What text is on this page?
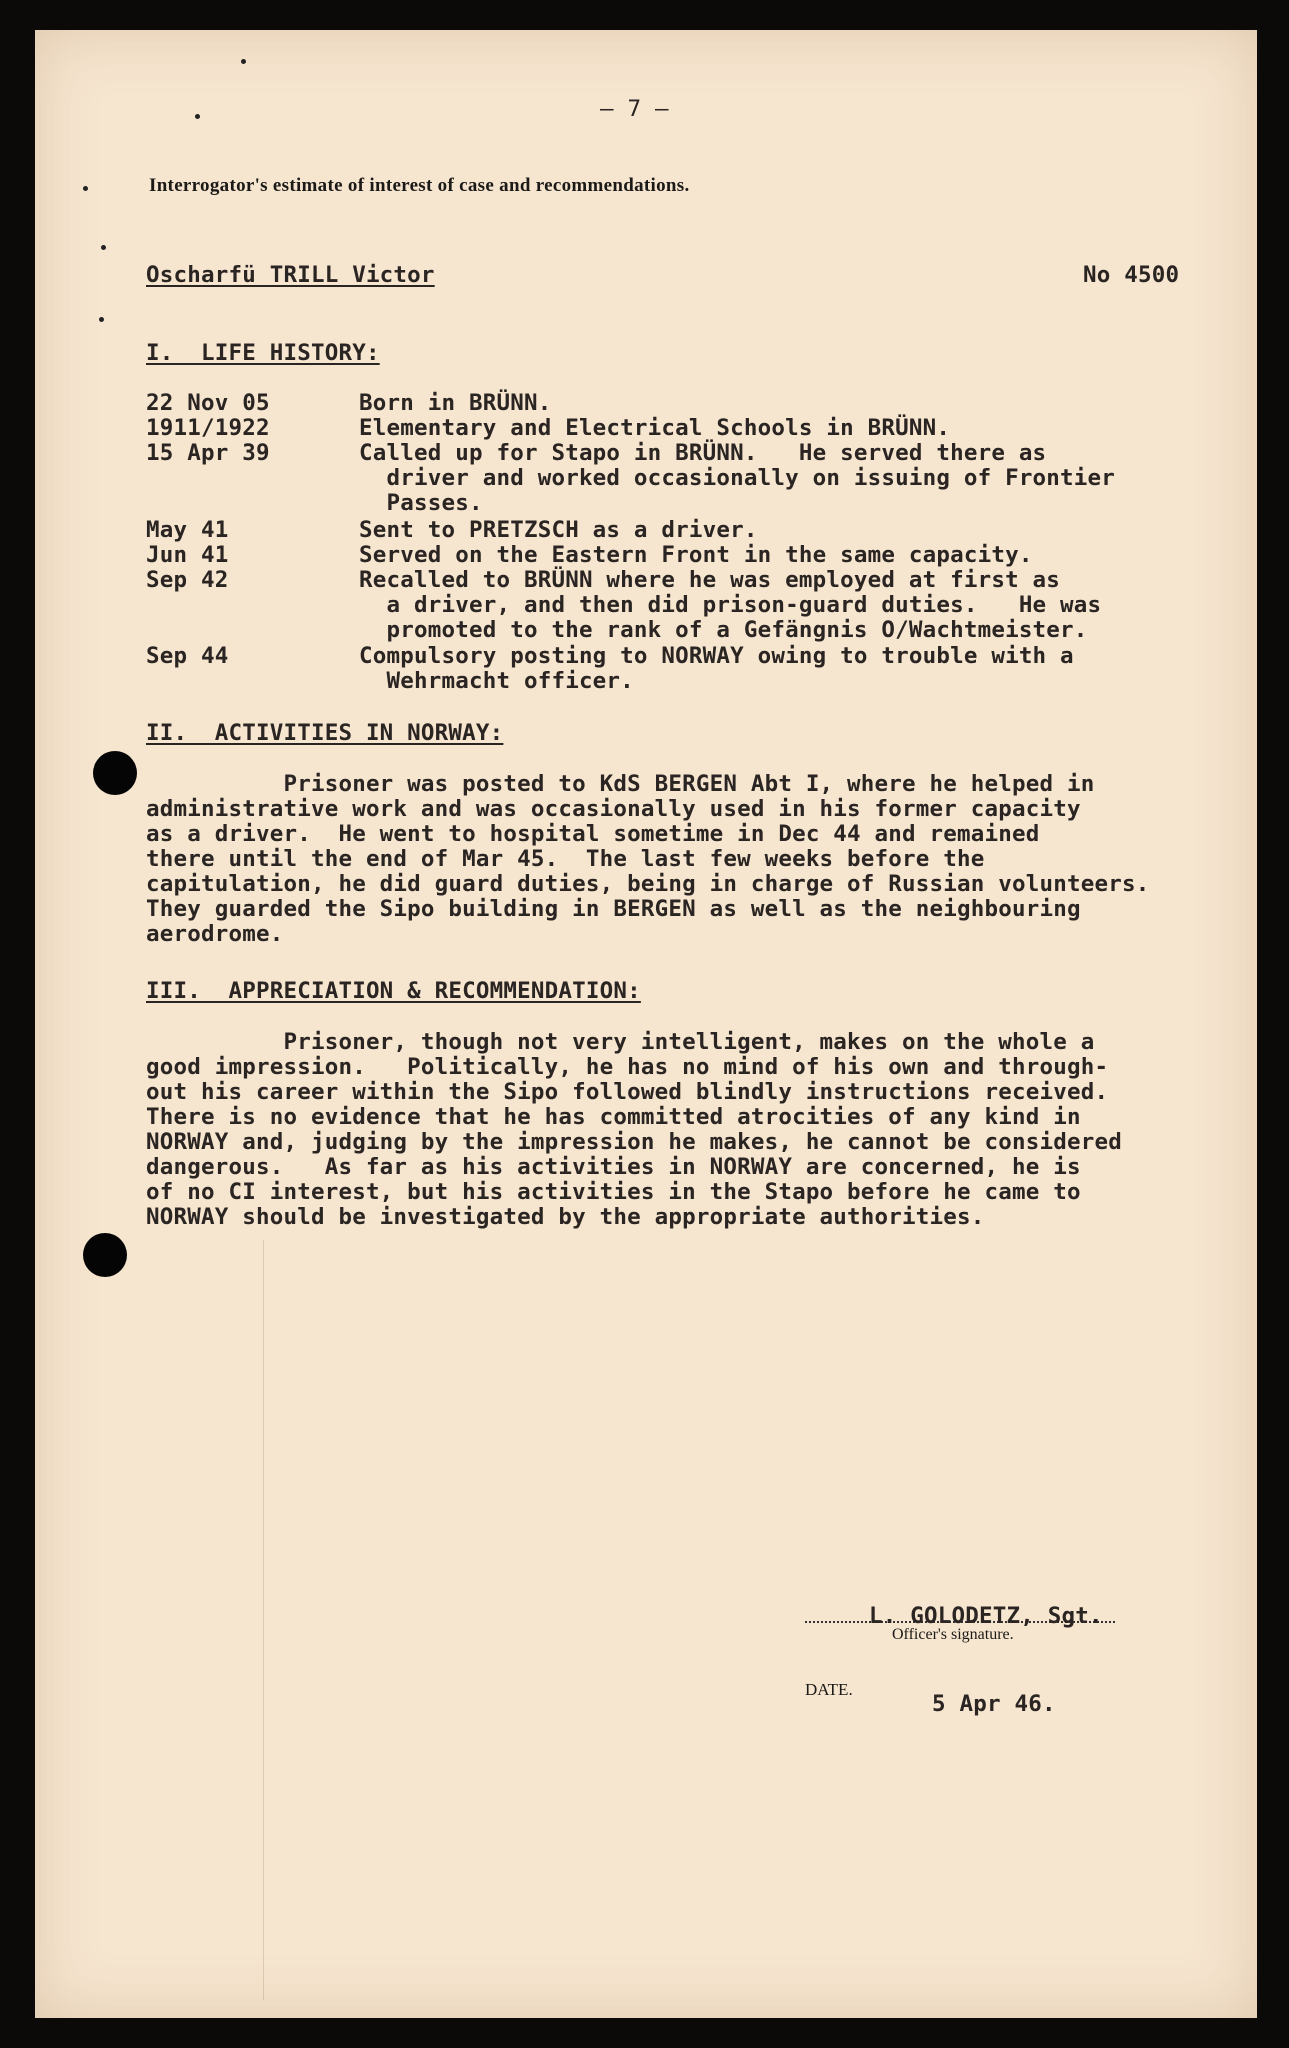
— 7 —
Interrogator's estimate of interest of case and recommendations.
Oscharfü TRILL Victor	No 4500
I.  LIFE HISTORY:
22 Nov 05	Born in BRÜNN.
1911/1922	Elementary and Electrical Schools in BRÜNN.
15 Apr 39	Called up for Stapo in BRÜNN.   He served there as
driver and worked occasionally on issuing of Frontier
Passes.
May 41	Sent to PRETZSCH as a driver.
Jun 41	Served on the Eastern Front in the same capacity.
Sep 42	Recalled to BRÜNN where he was employed at first as
a driver, and then did prison-guard duties.   He was
promoted to the rank of a Gefängnis O/Wachtmeister.
Sep 44	Compulsory posting to NORWAY owing to trouble with a
Wehrmacht officer.
II.  ACTIVITIES IN NORWAY:
Prisoner was posted to KdS BERGEN Abt I, where he helped in
administrative work and was occasionally used in his former capacity
as a driver.  He went to hospital sometime in Dec 44 and remained
there until the end of Mar 45.  The last few weeks before the
capitulation, he did guard duties, being in charge of Russian volunteers.
They guarded the Sipo building in BERGEN as well as the neighbouring
aerodrome.
III.  APPRECIATION & RECOMMENDATION:
Prisoner, though not very intelligent, makes on the whole a
good impression.   Politically, he has no mind of his own and through-
out his career within the Sipo followed blindly instructions received.
There is no evidence that he has committed atrocities of any kind in
NORWAY and, judging by the impression he makes, he cannot be considered
dangerous.   As far as his activities in NORWAY are concerned, he is
of no CI interest, but his activities in the Stapo before he came to
NORWAY should be investigated by the appropriate authorities.
L. GOLODETZ, Sgt.
Officer's signature.
DATE.
5 Apr 46.
